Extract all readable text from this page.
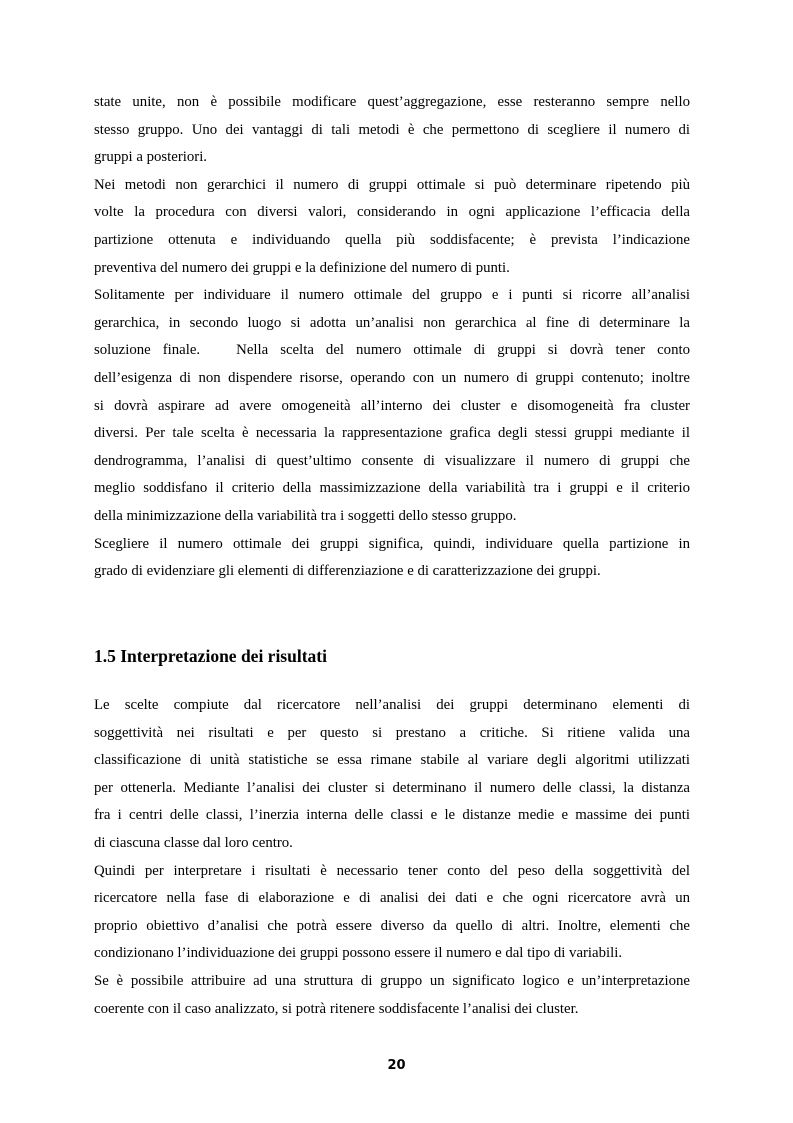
state unite, non è possibile modificare quest’aggregazione, esse resteranno sempre nello
stesso gruppo. Uno dei vantaggi di tali metodi è che permettono di scegliere il numero di
gruppi a posteriori.
Nei metodi non gerarchici il numero di gruppi ottimale si può determinare ripetendo più
volte la procedura con diversi valori, considerando in ogni applicazione l’efficacia della
partizione ottenuta e individuando quella più soddisfacente; è prevista l’indicazione
preventiva del numero dei gruppi e la definizione del numero di punti.
Solitamente per individuare il numero ottimale del gruppo e i punti si ricorre all’analisi
gerarchica, in secondo luogo si adotta un’analisi non gerarchica al fine di determinare la
soluzione finale.   Nella scelta del numero ottimale di gruppi si dovrà tener conto
dell’esigenza di non dispendere risorse, operando con un numero di gruppi contenuto; inoltre
si dovrà aspirare ad avere omogeneità all’interno dei cluster e disomogeneità fra cluster
diversi. Per tale scelta è necessaria la rappresentazione grafica degli stessi gruppi mediante il
dendrogramma, l’analisi di quest’ultimo consente di visualizzare il numero di gruppi che
meglio soddisfano il criterio della massimizzazione della variabilità tra i gruppi e il criterio
della minimizzazione della variabilità tra i soggetti dello stesso gruppo.
Scegliere il numero ottimale dei gruppi significa, quindi, individuare quella partizione in
grado di evidenziare gli elementi di differenziazione e di caratterizzazione dei gruppi.
1.5 Interpretazione dei risultati
Le scelte compiute dal ricercatore nell’analisi dei gruppi determinano elementi di
soggettività nei risultati e per questo si prestano a critiche. Si ritiene valida una
classificazione di unità statistiche se essa rimane stabile al variare degli algoritmi utilizzati
per ottenerla. Mediante l’analisi dei cluster si determinano il numero delle classi, la distanza
fra i centri delle classi, l’inerzia interna delle classi e le distanze medie e massime dei punti
di ciascuna classe dal loro centro.
Quindi per interpretare i risultati è necessario tener conto del peso della soggettività del
ricercatore nella fase di elaborazione e di analisi dei dati e che ogni ricercatore avrà un
proprio obiettivo d’analisi che potrà essere diverso da quello di altri. Inoltre, elementi che
condizionano l’individuazione dei gruppi possono essere il numero e dal tipo di variabili.
Se è possibile attribuire ad una struttura di gruppo un significato logico e un’interpretazione
coerente con il caso analizzato, si potrà ritenere soddisfacente l’analisi dei cluster.
20
